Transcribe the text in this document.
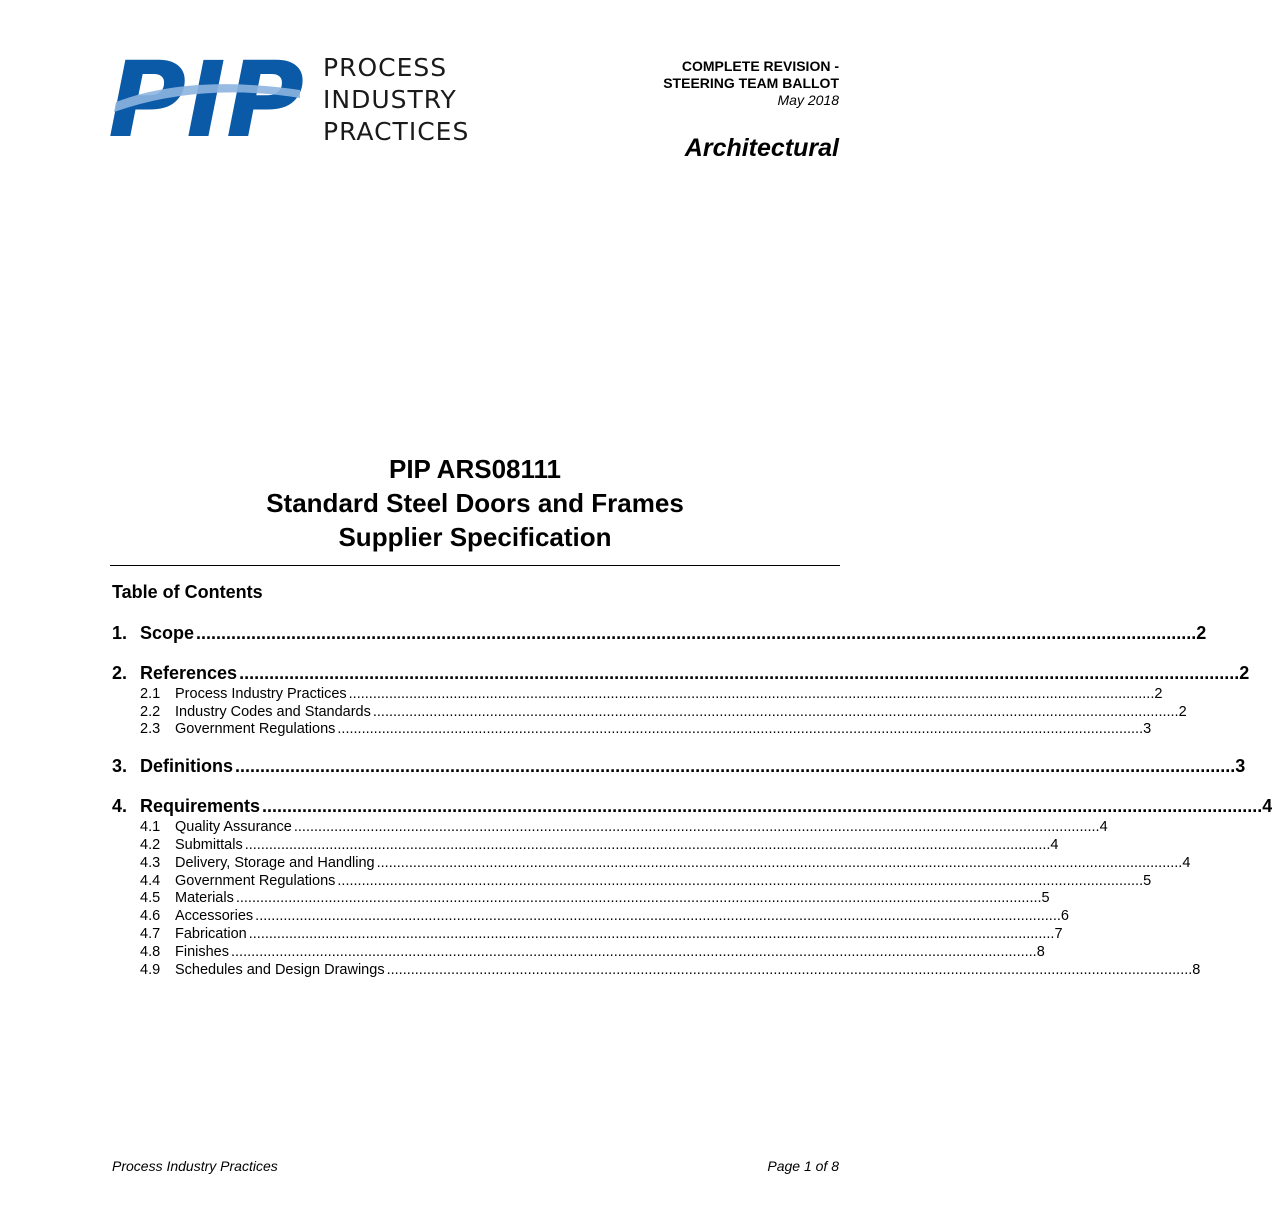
PIP PROCESS
INDUSTRY
PRACTICES
COMPLETE REVISION -
STEERING TEAM BALLOT
May 2018
Architectural
PIP ARS08111
Standard Steel Doors and Frames
Supplier Specification
Table of Contents
1. Scope ........................................................................................................................................................................................................ 2
2. References ........................................................................................................................................................................................................ 2
2.1	Process Industry Practices ........................................................................................................................................................................................................ 2
2.2	Industry Codes and Standards ........................................................................................................................................................................................................ 2
2.3	Government Regulations ........................................................................................................................................................................................................ 3
3. Definitions ........................................................................................................................................................................................................ 3
4. Requirements ........................................................................................................................................................................................................ 4
4.1	Quality Assurance ........................................................................................................................................................................................................ 4
4.2	Submittals ........................................................................................................................................................................................................ 4
4.3	Delivery, Storage and Handling ........................................................................................................................................................................................................ 4
4.4	Government Regulations ........................................................................................................................................................................................................ 5
4.5	Materials ........................................................................................................................................................................................................ 5
4.6	Accessories ........................................................................................................................................................................................................ 6
4.7	Fabrication ........................................................................................................................................................................................................ 7
4.8	Finishes ........................................................................................................................................................................................................ 8
4.9	Schedules and Design Drawings ........................................................................................................................................................................................................ 8
Process Industry Practices	Page 1 of 8
